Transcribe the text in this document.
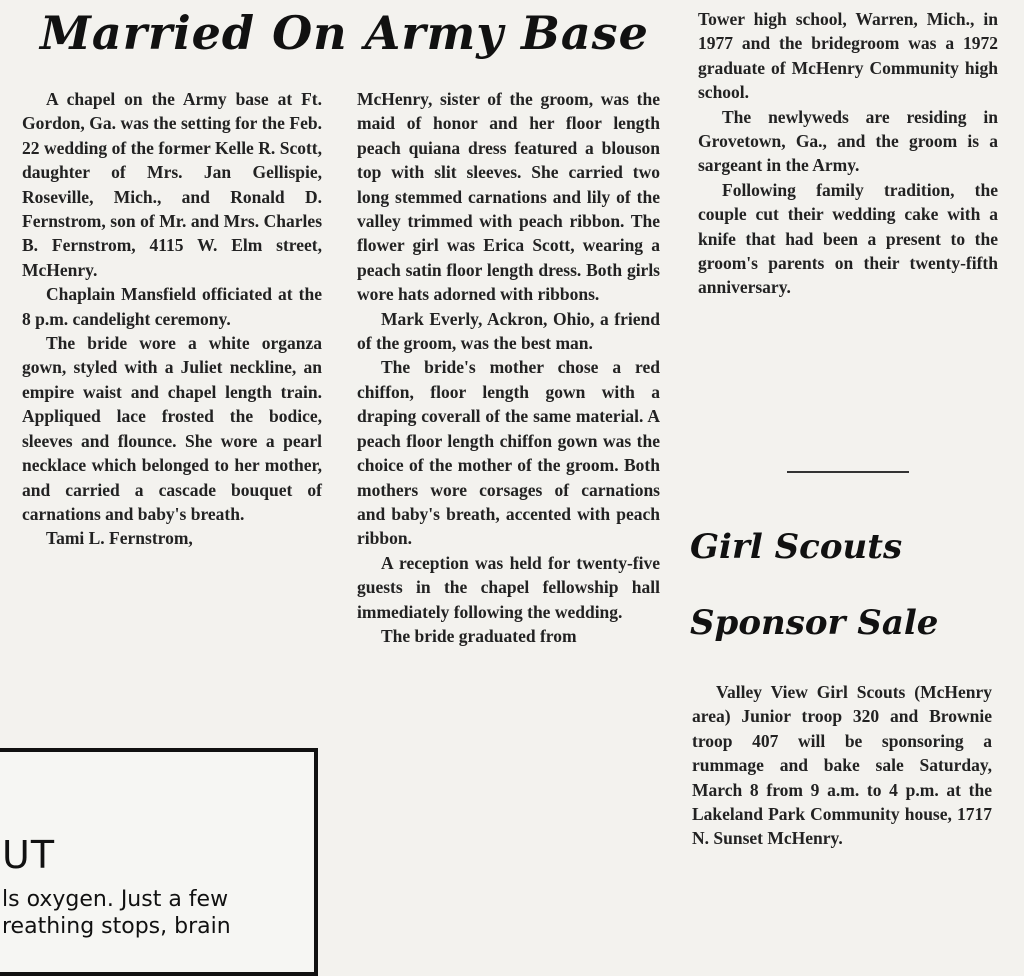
Married On Army Base

A chapel on the Army base at Ft. Gordon, Ga. was the setting for the Feb. 22 wedding of the former Kelle R. Scott, daughter of Mrs. Jan Gellispie, Roseville, Mich., and Ronald D. Fernstrom, son of Mr. and Mrs. Charles B. Fernstrom, 4115 W. Elm street, McHenry.

Chaplain Mansfield officiated at the 8 p.m. candelight ceremony.

The bride wore a white organza gown, styled with a Juliet neckline, an empire waist and chapel length train. Appliqued lace frosted the bodice, sleeves and flounce. She wore a pearl necklace which belonged to her mother, and carried a cascade bouquet of carnations and baby's breath.

Tami L. Fernstrom,

McHenry, sister of the groom, was the maid of honor and her floor length peach quiana dress featured a blouson top with slit sleeves. She carried two long stemmed carnations and lily of the valley trimmed with peach ribbon. The flower girl was Erica Scott, wearing a peach satin floor length dress. Both girls wore hats adorned with ribbons.

Mark Everly, Ackron, Ohio, a friend of the groom, was the best man.

The bride's mother chose a red chiffon, floor length gown with a draping coverall of the same material. A peach floor length chiffon gown was the choice of the mother of the groom. Both mothers wore corsages of carnations and baby's breath, accented with peach ribbon.

A reception was held for twenty-five guests in the chapel fellowship hall immediately following the wedding.

The bride graduated from

Tower high school, Warren, Mich., in 1977 and the bridegroom was a 1972 graduate of McHenry Community high school.

The newlyweds are residing in Grovetown, Ga., and the groom is a sargeant in the Army.

Following family tradition, the couple cut their wedding cake with a knife that had been a present to the groom's parents on their twenty-fifth anniversary.

Girl Scouts
Sponsor Sale

Valley View Girl Scouts (McHenry area) Junior troop 320 and Brownie troop 407 will be sponsoring a rummage and bake sale Saturday, March 8 from 9 a.m. to 4 p.m. at the Lakeland Park Community house, 1717 N. Sunset McHenry.

UT
ls oxygen. Just a few
reathing stops, brain
